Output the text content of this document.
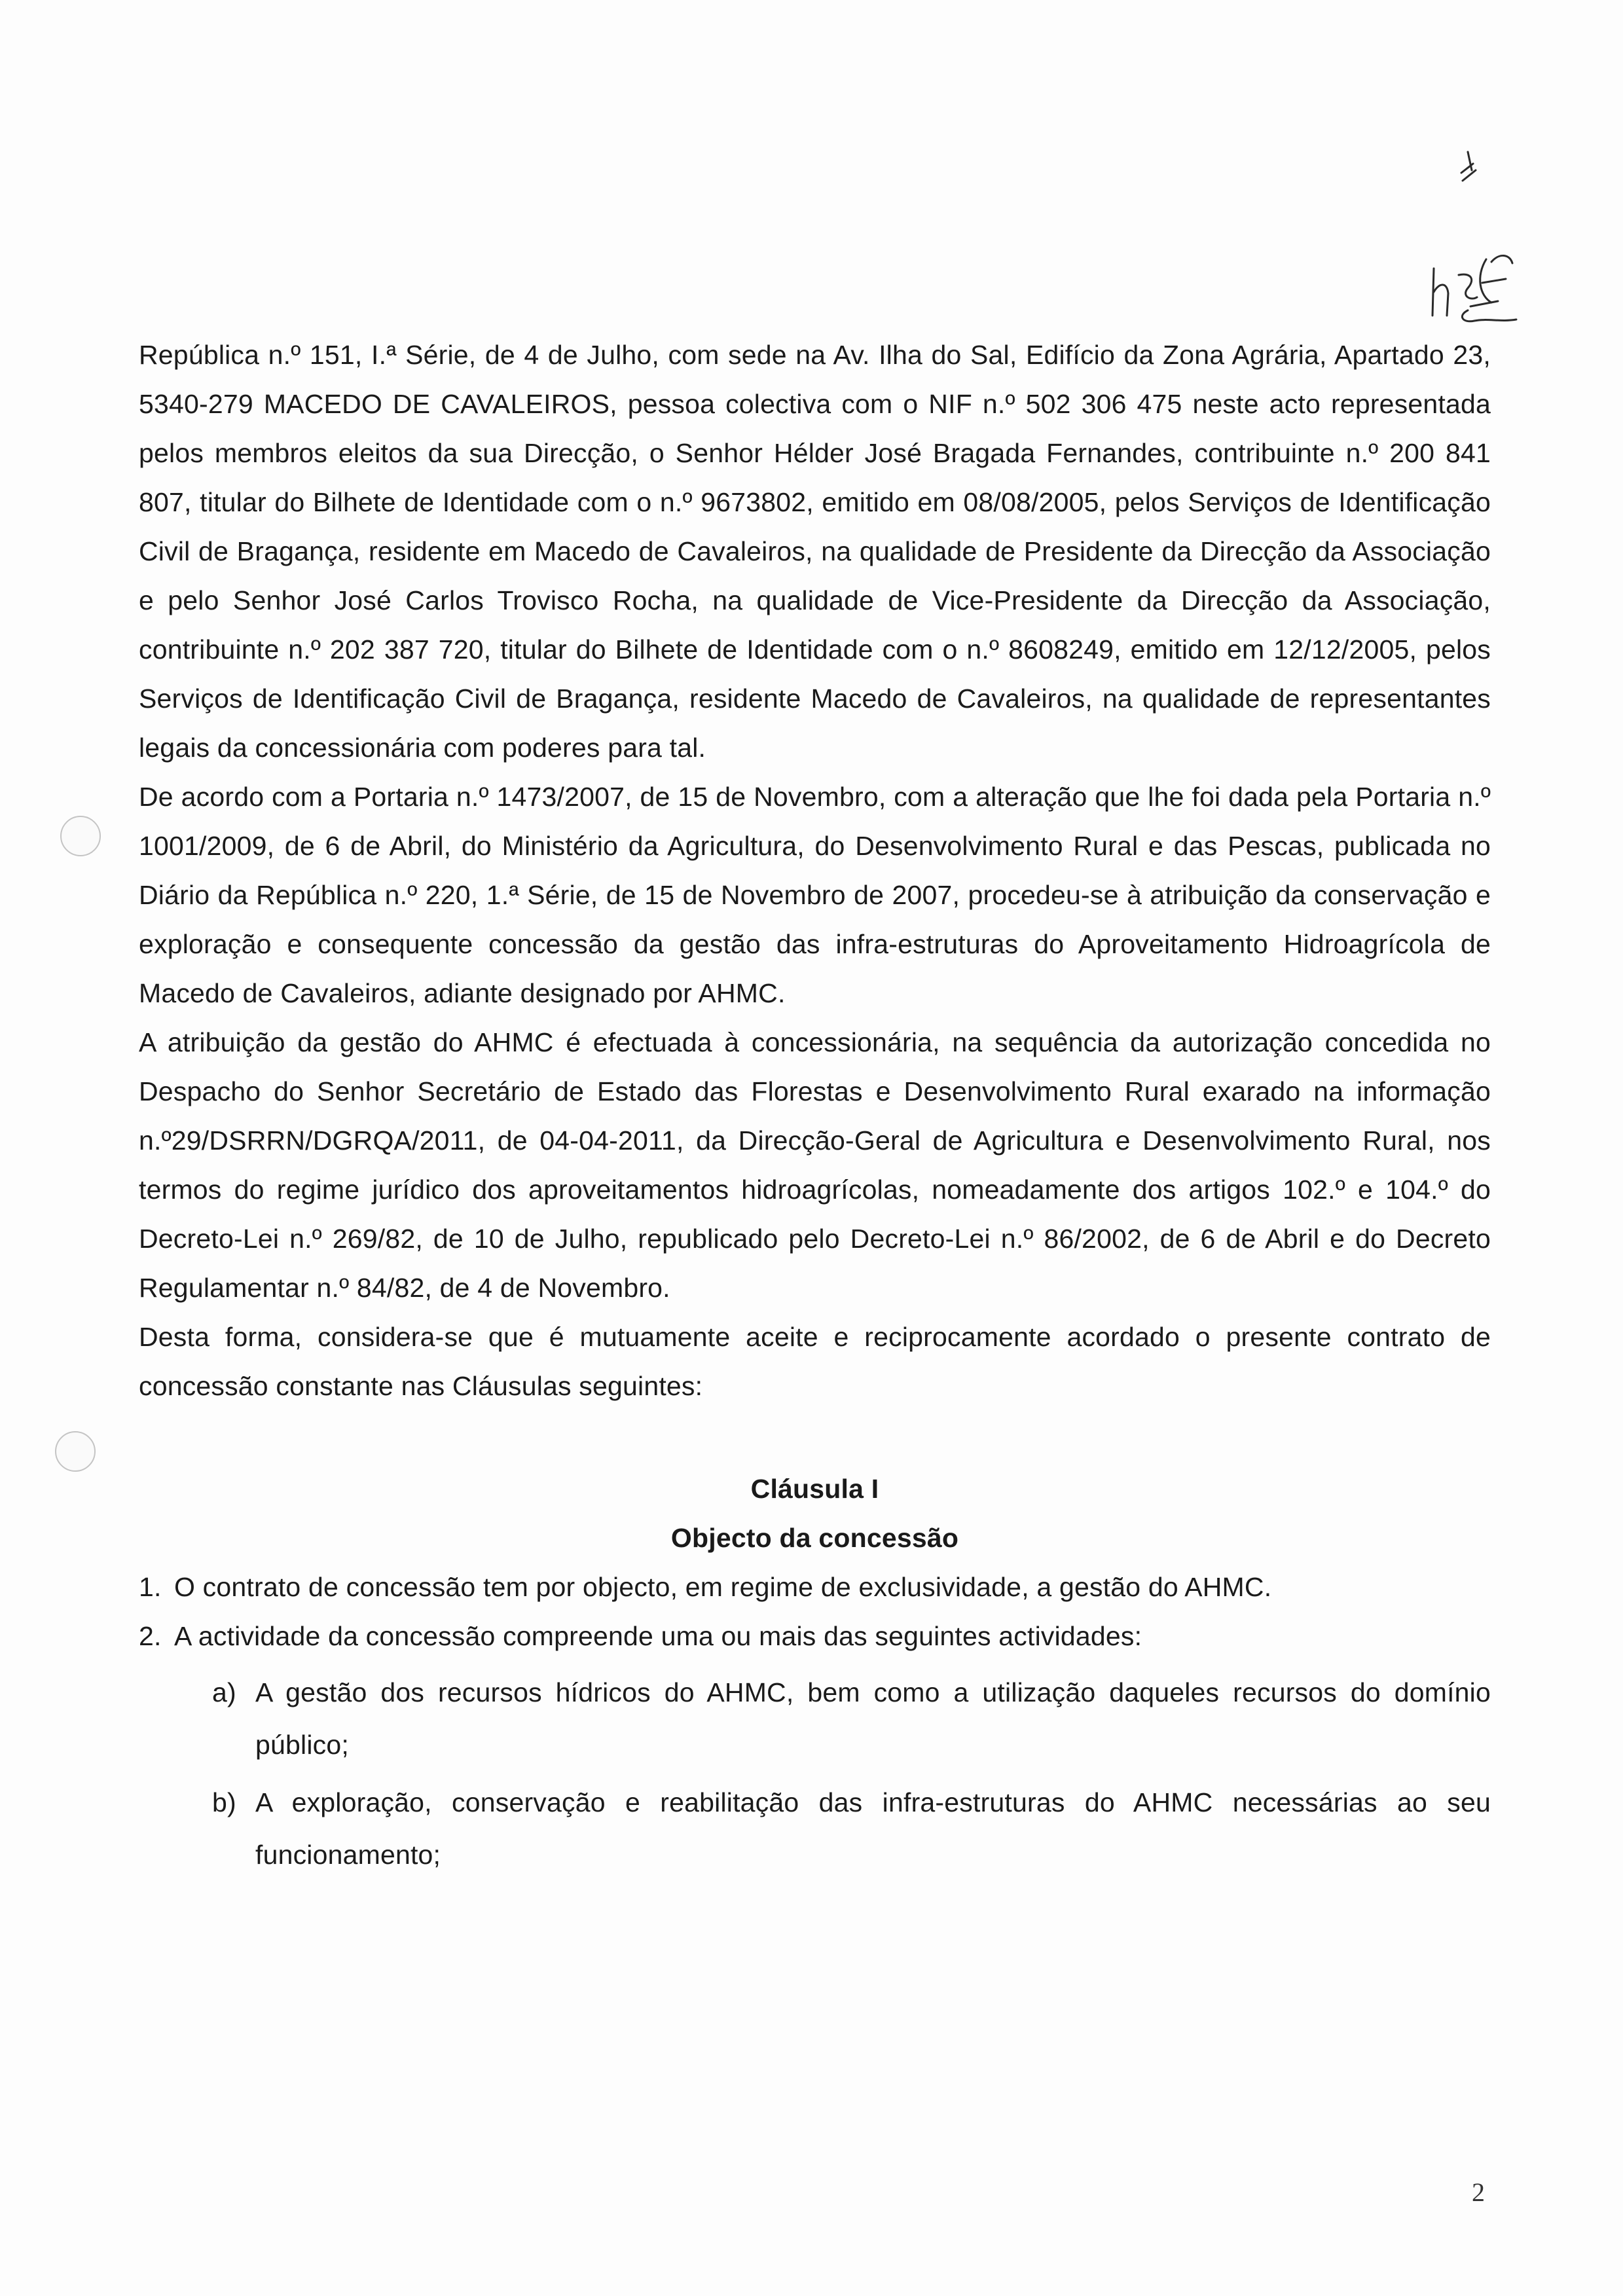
República n.º 151, I.ª Série, de 4 de Julho, com sede na Av. Ilha do Sal, Edifício da Zona Agrária, Apartado 23, 5340-279 MACEDO DE CAVALEIROS, pessoa colectiva com o NIF n.º 502 306 475 neste acto representada pelos membros eleitos da sua Direcção, o Senhor Hélder José Bragada Fernandes, contribuinte n.º 200 841 807, titular do Bilhete de Identidade com o n.º 9673802, emitido em 08/08/2005, pelos Serviços de Identificação Civil de Bragança, residente em Macedo de Cavaleiros, na qualidade de Presidente da Direcção da Associação e pelo Senhor José Carlos Trovisco Rocha, na qualidade de Vice-Presidente da Direcção da Associação, contribuinte n.º 202 387 720, titular do Bilhete de Identidade com o n.º 8608249, emitido em 12/12/2005, pelos Serviços de Identificação Civil de Bragança, residente Macedo de Cavaleiros, na qualidade de representantes legais da concessionária com poderes para tal.

De acordo com a Portaria n.º 1473/2007, de 15 de Novembro, com a alteração que lhe foi dada pela Portaria n.º 1001/2009, de 6 de Abril, do Ministério da Agricultura, do Desenvolvimento Rural e das Pescas, publicada no Diário da República n.º 220, 1.ª Série, de 15 de Novembro de 2007, procedeu-se à atribuição da conservação e exploração e consequente concessão da gestão das infra-estruturas do Aproveitamento Hidroagrícola de Macedo de Cavaleiros, adiante designado por AHMC.

A atribuição da gestão do AHMC é efectuada à concessionária, na sequência da autorização concedida no Despacho do Senhor Secretário de Estado das Florestas e Desenvolvimento Rural exarado na informação n.º29/DSRRN/DGRQA/2011, de 04-04-2011, da Direcção-Geral de Agricultura e Desenvolvimento Rural, nos termos do regime jurídico dos aproveitamentos hidroagrícolas, nomeadamente dos artigos 102.º e 104.º do Decreto-Lei n.º 269/82, de 10 de Julho, republicado pelo Decreto-Lei n.º 86/2002, de 6 de Abril e do Decreto Regulamentar n.º 84/82, de 4 de Novembro.

Desta forma, considera-se que é mutuamente aceite e reciprocamente acordado o presente contrato de concessão constante nas Cláusulas seguintes:

Cláusula I

Objecto da concessão

1. O contrato de concessão tem por objecto, em regime de exclusividade, a gestão do AHMC.
2. A actividade da concessão compreende uma ou mais das seguintes actividades:
a) A gestão dos recursos hídricos do AHMC, bem como a utilização daqueles recursos do domínio público;
b) A exploração, conservação e reabilitação das infra-estruturas do AHMC necessárias ao seu funcionamento;
2
